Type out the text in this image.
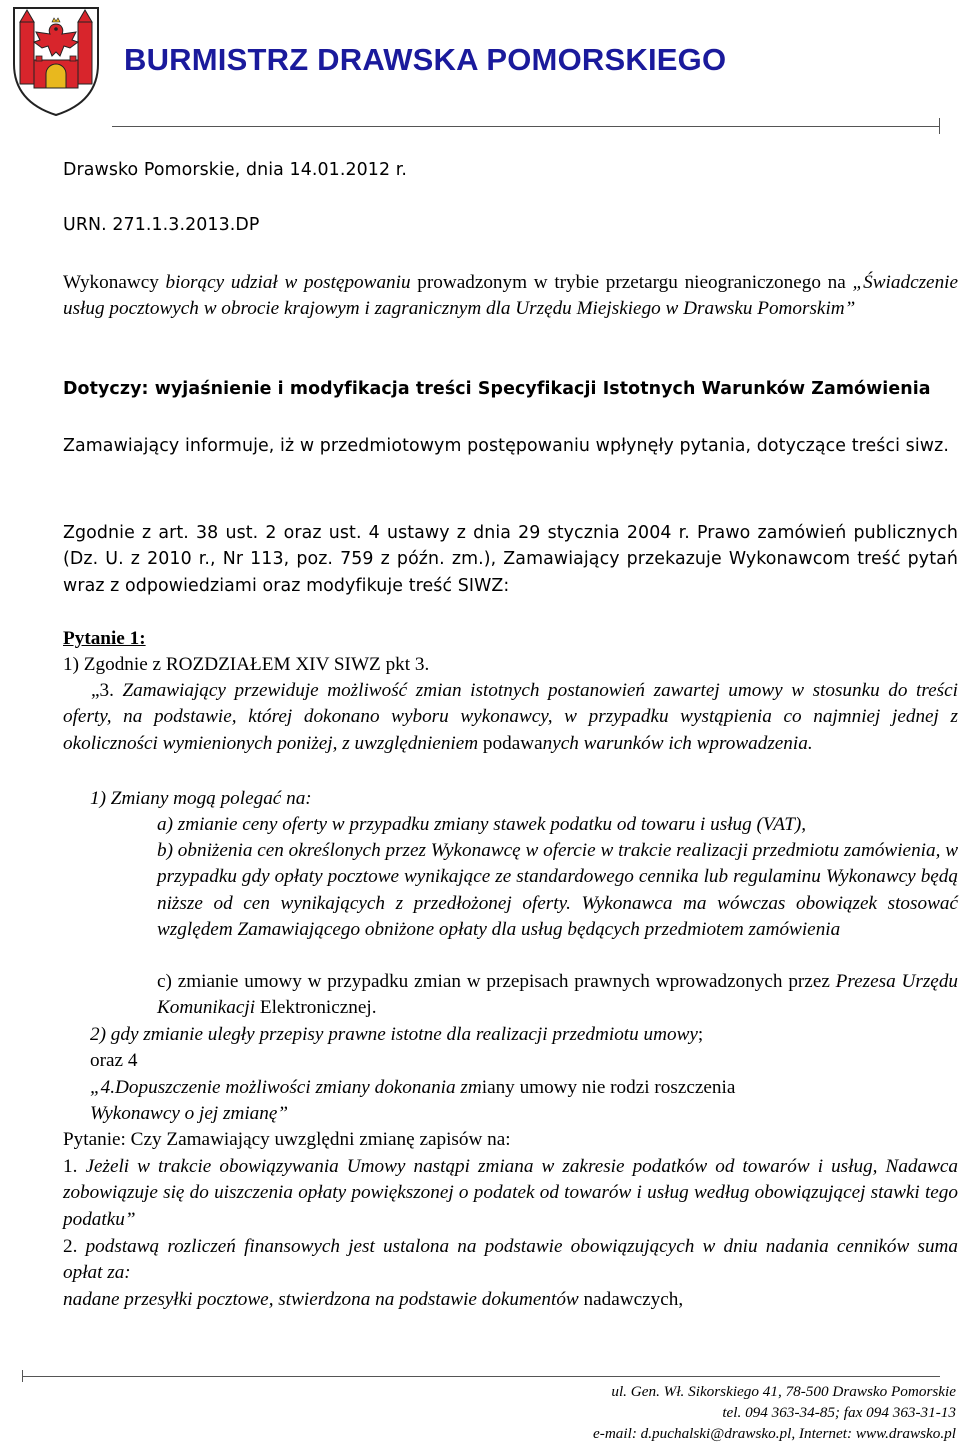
BURMISTRZ DRAWSKA POMORSKIEGO

Drawsko Pomorskie, dnia 14.01.2012 r.

URN. 271.1.3.2013.DP

Wykonawcy biorący udział w postępowaniu prowadzonym w trybie przetargu nieograniczonego na „Świadczenie usług pocztowych w obrocie krajowym i zagranicznym dla Urzędu Miejskiego w Drawsku Pomorskim”

Dotyczy: wyjaśnienie i modyfikacja treści Specyfikacji Istotnych Warunków Zamówienia

Zamawiający informuje, iż w przedmiotowym postępowaniu wpłynęły pytania, dotyczące treści siwz.

Zgodnie z art. 38 ust. 2 oraz ust. 4 ustawy z dnia 29 stycznia 2004 r. Prawo zamówień publicznych (Dz. U. z 2010 r., Nr 113, poz. 759 z późn. zm.), Zamawiający przekazuje Wykonawcom treść pytań wraz z odpowiedziami oraz modyfikuje treść SIWZ:

Pytanie 1:

1) Zgodnie z ROZDZIAŁEM XIV SIWZ pkt 3.

„3. Zamawiający przewiduje możliwość zmian istotnych postanowień zawartej umowy w stosunku do treści oferty, na podstawie, której dokonano wyboru wykonawcy, w przypadku wystąpienia co najmniej jednej z okoliczności wymienionych poniżej, z uwzględnieniem podawanych warunków ich wprowadzenia.

1) Zmiany mogą polegać na:

a) zmianie ceny oferty w przypadku zmiany stawek podatku od towaru i usług (VAT),

b) obniżenia cen określonych przez Wykonawcę w ofercie w trakcie realizacji przedmiotu zamówienia, w przypadku gdy opłaty pocztowe wynikające ze standardowego cennika lub regulaminu Wykonawcy będą niższe od cen wynikających z przedłożonej oferty. Wykonawca ma wówczas obowiązek stosować względem Zamawiającego obniżone opłaty dla usług będących przedmiotem zamówienia

c) zmianie umowy w przypadku zmian w przepisach prawnych wprowadzonych przez Prezesa Urzędu Komunikacji Elektronicznej.

2) gdy zmianie uległy przepisy prawne istotne dla realizacji przedmiotu umowy;

oraz 4

„4.Dopuszczenie możliwości zmiany dokonania zmiany umowy nie rodzi roszczenia

Wykonawcy o jej zmianę”

Pytanie: Czy Zamawiający uwzględni zmianę zapisów na:

1. Jeżeli w trakcie obowiązywania Umowy nastąpi zmiana w zakresie podatków od towarów i usług, Nadawca zobowiązuje się do uiszczenia opłaty powiększonej o podatek od towarów i usług według obowiązującej stawki tego podatku”

2. podstawą rozliczeń finansowych jest ustalona na podstawie obowiązujących w dniu nadania cenników suma opłat za:

nadane przesyłki pocztowe, stwierdzona na podstawie dokumentów nadawczych,

ul. Gen. Wł. Sikorskiego 41, 78-500 Drawsko Pomorskie
tel. 094 363-34-85; fax 094 363-31-13
e-mail: d.puchalski@drawsko.pl, Internet: www.drawsko.pl
